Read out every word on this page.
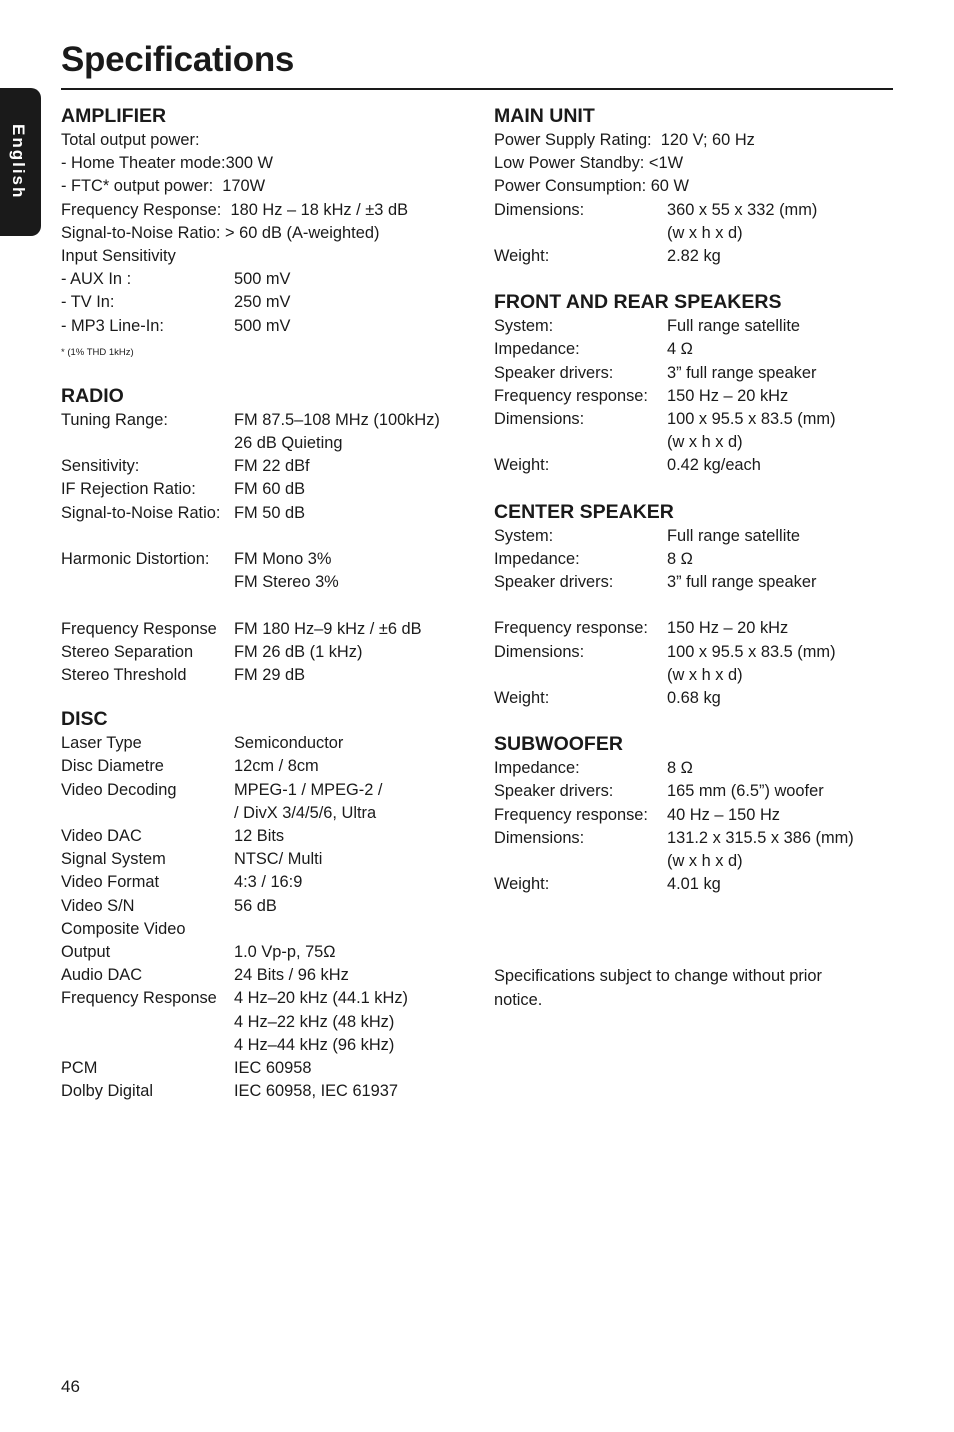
Specifications
English
AMPLIFIER
Total output power:
- Home Theater mode:300 W
- FTC* output power:  170W
Frequency Response:  180 Hz – 18 kHz / ±3 dB
Signal-to-Noise Ratio: > 60 dB (A-weighted)
Input Sensitivity
- AUX In :	500 mV
- TV In:	250 mV
- MP3 Line-In:	500 mV
* (1% THD 1kHz)
RADIO
Tuning Range:	FM 87.5–108 MHz (100kHz)
26 dB Quieting
Sensitivity:	FM 22 dBf
IF Rejection Ratio:	FM 60 dB
Signal-to-Noise Ratio: FM 50 dB
Harmonic Distortion:	FM Mono 3%
FM Stereo 3%
Frequency Response	FM 180 Hz–9 kHz / ±6 dB
Stereo Separation	FM 26 dB (1 kHz)
Stereo Threshold	FM 29 dB
DISC
Laser Type	Semiconductor
Disc Diametre	12cm / 8cm
Video Decoding	MPEG-1 / MPEG-2 /
/ DivX 3/4/5/6, Ultra
Video DAC	12 Bits
Signal System	NTSC/ Multi
Video Format	4:3 / 16:9
Video S/N	56 dB
Composite Video
Output	1.0 Vp-p, 75Ω
Audio DAC	24 Bits / 96 kHz
Frequency Response	4 Hz–20 kHz (44.1 kHz)
4 Hz–22 kHz (48 kHz)
4 Hz–44 kHz (96 kHz)
PCM	IEC 60958
Dolby Digital	IEC 60958, IEC 61937
MAIN UNIT
Power Supply Rating:  120 V; 60 Hz
Low Power Standby: <1W
Power Consumption: 60 W
Dimensions:	360 x 55 x 332 (mm)
(w x h x d)
Weight:	2.82 kg
FRONT AND REAR SPEAKERS
System:	Full range satellite
Impedance:	4 Ω
Speaker drivers:	3” full range speaker
Frequency response:	150 Hz – 20 kHz
Dimensions:	100 x 95.5 x 83.5 (mm)
(w x h x d)
Weight:	0.42 kg/each
CENTER SPEAKER
System:	Full range satellite
Impedance:	8 Ω
Speaker drivers:	3” full range speaker
Frequency response:	150 Hz – 20 kHz
Dimensions:	100 x 95.5 x 83.5 (mm)
(w x h x d)
Weight:	0.68 kg
SUBWOOFER
Impedance:	8 Ω
Speaker drivers:	165 mm (6.5”) woofer
Frequency response:	40 Hz – 150 Hz
Dimensions:	131.2 x 315.5 x 386 (mm)
(w x h x d)
Weight:	4.01 kg
Specifications subject to change without prior notice.
46
